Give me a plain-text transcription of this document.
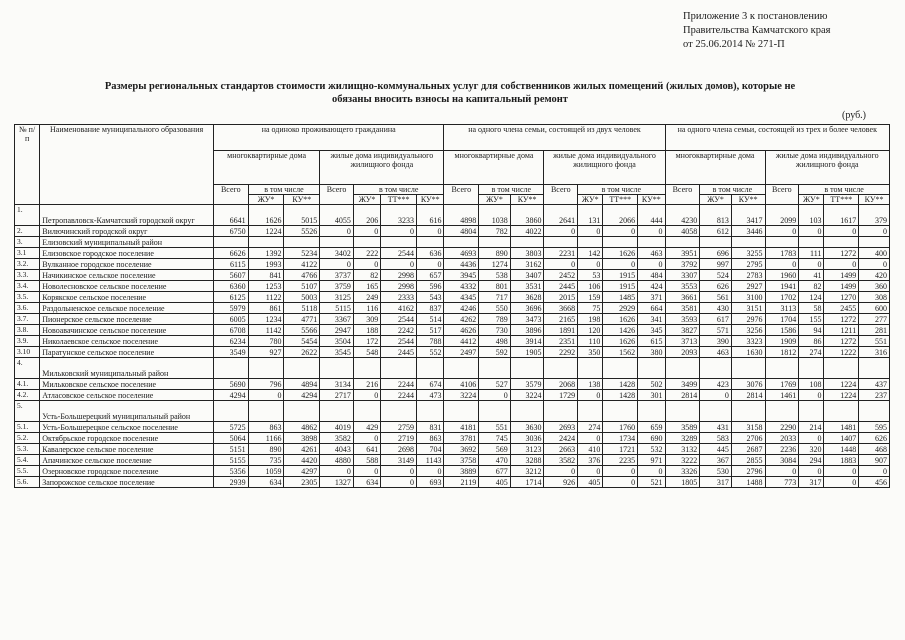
Приложение 3 к постановлению
Правительства Камчатского края
от 25.06.2014 № 271-П
Размеры региональных стандартов стоимости жилищно-коммунальных услуг для собственников жилых помещений (жилых домов), которые не
обязаны вносить взносы на капитальный ремонт
(руб.)
№ п/п	Наименование муниципального образования	на одиноко проживающего гражданина							на одного члена семьи, состоящей из двух человек							на одного члена семьи, состоящей из трех и более человек						
		многоквартирные дома			жилые дома индивидуального жилищного фонда				многоквартирные дома			жилые дома индивидуального жилищного фонда				многоквартирные дома			жилые дома индивидуального жилищного фонда			
		Всего	в том числе		Всего	в том числе			Всего	в том числе		Всего	в том числе			Всего	в том числе		Всего	в том числе		
			ЖУ*	КУ**		ЖУ*	ТТ***	КУ**		ЖУ*	КУ**		ЖУ*	ТТ***	КУ**		ЖУ*	КУ**		ЖУ*	ТТ***	КУ**
1.	Петропавловск-Камчатский городской округ	6641	1626	5015	4055	206	3233	616	4898	1038	3860	2641	131	2066	444	4230	813	3417	2099	103	1617	379
2.	Вилючинский городской округ	6750	1224	5526	0	0	0	0	4804	782	4022	0	0	0	0	4058	612	3446	0	0	0	0
3.	Елизовский муниципальный район																					
3.1	Елизовское городское поселение	6626	1392	5234	3402	222	2544	636	4693	890	3803	2231	142	1626	463	3951	696	3255	1783	111	1272	400
3.2.	Вулканное городское поселение	6115	1993	4122	0	0	0	0	4436	1274	3162	0	0	0	0	3792	997	2795	0	0	0	0
3.3.	Начикинское сельское поселение	5607	841	4766	3737	82	2998	657	3945	538	3407	2452	53	1915	484	3307	524	2783	1960	41	1499	420
3.4.	Новолесновское сельское поселение	6360	1253	5107	3759	165	2998	596	4332	801	3531	2445	106	1915	424	3553	626	2927	1941	82	1499	360
3.5.	Корякское сельское поселение	6125	1122	5003	3125	249	2333	543	4345	717	3628	2015	159	1485	371	3661	561	3100	1702	124	1270	308
3.6.	Раздольненское сельское поселение	5979	861	5118	5115	116	4162	837	4246	550	3696	3668	75	2929	664	3581	430	3151	3113	58	2455	600
3.7.	Пионерское сельское поселение	6005	1234	4771	3367	309	2544	514	4262	789	3473	2165	198	1626	341	3593	617	2976	1704	155	1272	277
3.8.	Новоавачинское сельское поселение	6708	1142	5566	2947	188	2242	517	4626	730	3896	1891	120	1426	345	3827	571	3256	1586	94	1211	281
3.9.	Николаевское сельское поселение	6234	780	5454	3504	172	2544	788	4412	498	3914	2351	110	1626	615	3713	390	3323	1909	86	1272	551
3.10	Паратунское сельское поселение	3549	927	2622	3545	548	2445	552	2497	592	1905	2292	350	1562	380	2093	463	1630	1812	274	1222	316
4.	Мильковский муниципальный район																					
4.1.	Мильковское сельское поселение	5690	796	4894	3134	216	2244	674	4106	527	3579	2068	138	1428	502	3499	423	3076	1769	108	1224	437
4.2.	Атласовское сельское поселение	4294	0	4294	2717	0	2244	473	3224	0	3224	1729	0	1428	301	2814	0	2814	1461	0	1224	237
5.	Усть-Большерецкий муниципальный район																					
5.1.	Усть-Большерецкое сельское поселение	5725	863	4862	4019	429	2759	831	4181	551	3630	2693	274	1760	659	3589	431	3158	2290	214	1481	595
5.2.	Октябрьское городское поселение	5064	1166	3898	3582	0	2719	863	3781	745	3036	2424	0	1734	690	3289	583	2706	2033	0	1407	626
5.3.	Кавалерское сельское поселение	5151	890	4261	4043	641	2698	704	3692	569	3123	2663	410	1721	532	3132	445	2687	2236	320	1448	468
5.4.	Апачинское сельское поселение	5155	735	4420	4880	588	3149	1143	3758	470	3288	3582	376	2235	971	3222	367	2855	3084	294	1883	907
5.5.	Озерновское городское поселение	5356	1059	4297	0	0	0	0	3889	677	3212	0	0	0	0	3326	530	2796	0	0	0	0
5.6.	Запорожское сельское поселение	2939	634	2305	1327	634	0	693	2119	405	1714	926	405	0	521	1805	317	1488	773	317	0	456
